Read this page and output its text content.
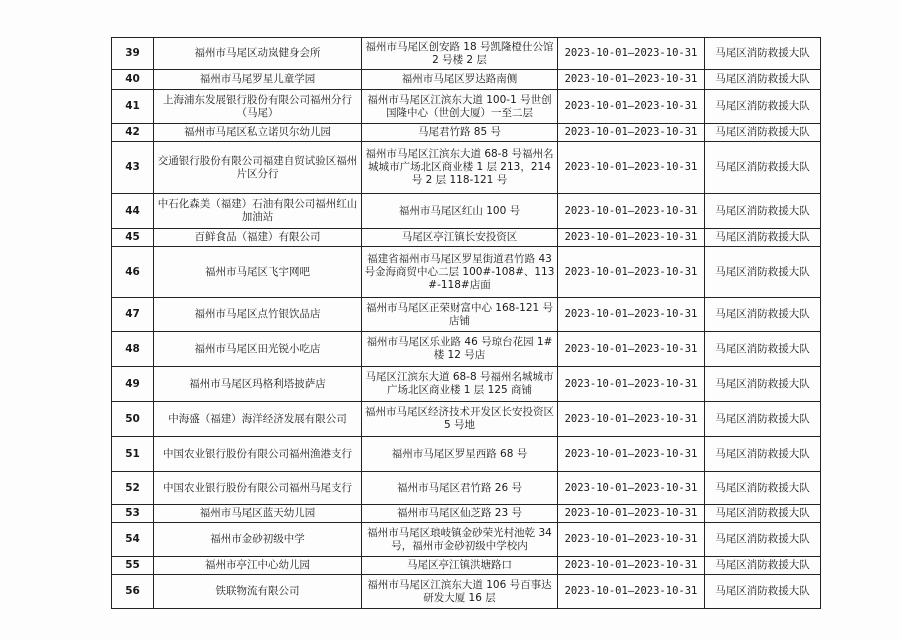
39	福州市马尾区动岚健身会所	福州市马尾区创安路 18 号凯隆橙仕公馆 2 号楼 2 层	2023-10-01—2023-10-31	马尾区消防救援大队
40	福州市马尾罗星儿童学园	福州市马尾区罗达路南侧	2023-10-01—2023-10-31	马尾区消防救援大队
41	上海浦东发展银行股份有限公司福州分行（马尾）	福州市马尾区江滨东大道 100-1 号世创国隆中心（世创大厦）一至二层	2023-10-01—2023-10-31	马尾区消防救援大队
42	福州市马尾区私立诺贝尔幼儿园	马尾君竹路 85 号	2023-10-01—2023-10-31	马尾区消防救援大队
43	交通银行股份有限公司福建自贸试验区福州片区分行	福州市马尾区江滨东大道 68-8 号福州名城城市广场北区商业楼 1 层 213，214 号 2 层 118-121 号	2023-10-01—2023-10-31	马尾区消防救援大队
44	中石化森美（福建）石油有限公司福州红山加油站	福州市马尾区红山 100 号	2023-10-01—2023-10-31	马尾区消防救援大队
45	百鲜食品（福建）有限公司	马尾区亭江镇长安投资区	2023-10-01—2023-10-31	马尾区消防救援大队
46	福州市马尾区飞宇网吧	福建省福州市马尾区罗星街道君竹路 43 号金海商贸中心二层 100#-108#、113#-118#店面	2023-10-01—2023-10-31	马尾区消防救援大队
47	福州市马尾区点竹银饮品店	福州市马尾区正荣财富中心 168-121 号店铺	2023-10-01—2023-10-31	马尾区消防救援大队
48	福州市马尾区田光锐小吃店	福州市马尾区乐业路 46 号琼台花园 1#楼 12 号店	2023-10-01—2023-10-31	马尾区消防救援大队
49	福州市马尾区玛格利塔披萨店	马尾区江滨东大道 68-8 号福州名城城市广场北区商业楼 1 层 125 商铺	2023-10-01—2023-10-31	马尾区消防救援大队
50	中海盛（福建）海洋经济发展有限公司	福州市马尾区经济技术开发区长安投资区 5 号地	2023-10-01—2023-10-31	马尾区消防救援大队
51	中国农业银行股份有限公司福州渔港支行	福州市马尾区罗星西路 68 号	2023-10-01—2023-10-31	马尾区消防救援大队
52	中国农业银行股份有限公司福州马尾支行	福州市马尾区君竹路 26 号	2023-10-01—2023-10-31	马尾区消防救援大队
53	福州市马尾区蓝天幼儿园	福州市马尾区仙芝路 23 号	2023-10-01—2023-10-31	马尾区消防救援大队
54	福州市金砂初级中学	福州市马尾区琅岐镇金砂荣光村池乾 34 号，福州市金砂初级中学校内	2023-10-01—2023-10-31	马尾区消防救援大队
55	福州市亭江中心幼儿园	马尾区亭江镇洪塘路口	2023-10-01—2023-10-31	马尾区消防救援大队
56	铁联物流有限公司	福州市马尾区江滨东大道 106 号百事达研发大厦 16 层	2023-10-01—2023-10-31	马尾区消防救援大队
